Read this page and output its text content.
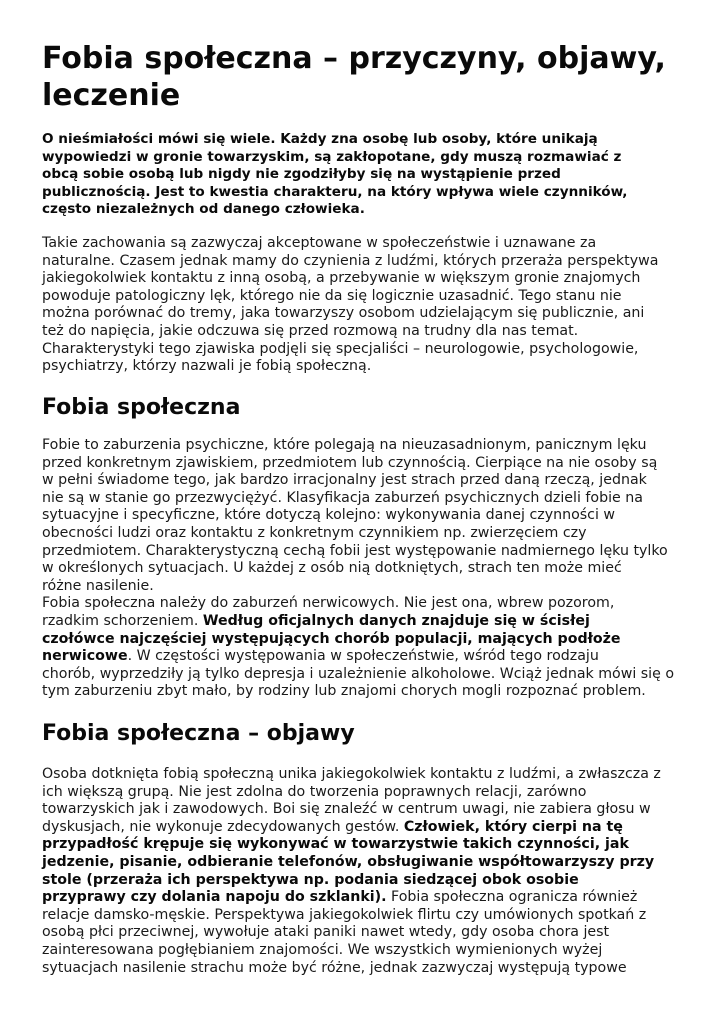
Fobia społeczna – przyczyny, objawy, leczenie

O nieśmiałości mówi się wiele. Każdy zna osobę lub osoby, które unikają
wypowiedzi w gronie towarzyskim, są zakłopotane, gdy muszą rozmawiać z
obcą sobie osobą lub nigdy nie zgodziłyby się na wystąpienie przed
publicznością. Jest to kwestia charakteru, na który wpływa wiele czynników,
często niezależnych od danego człowieka.

Takie zachowania są zazwyczaj akceptowane w społeczeństwie i uznawane za
naturalne. Czasem jednak mamy do czynienia z ludźmi, których przeraża perspektywa
jakiegokolwiek kontaktu z inną osobą, a przebywanie w większym gronie znajomych
powoduje patologiczny lęk, którego nie da się logicznie uzasadnić. Tego stanu nie
można porównać do tremy, jaka towarzyszy osobom udzielającym się publicznie, ani
też do napięcia, jakie odczuwa się przed rozmową na trudny dla nas temat.
Charakterystyki tego zjawiska podjęli się specjaliści – neurologowie, psychologowie,
psychiatrzy, którzy nazwali je fobią społeczną.

Fobia społeczna

Fobie to zaburzenia psychiczne, które polegają na nieuzasadnionym, panicznym lęku
przed konkretnym zjawiskiem, przedmiotem lub czynnością. Cierpiące na nie osoby są
w pełni świadome tego, jak bardzo irracjonalny jest strach przed daną rzeczą, jednak
nie są w stanie go przezwyciężyć. Klasyfikacja zaburzeń psychicznych dzieli fobie na
sytuacyjne i specyficzne, które dotyczą kolejno: wykonywania danej czynności w
obecności ludzi oraz kontaktu z konkretnym czynnikiem np. zwierzęciem czy
przedmiotem. Charakterystyczną cechą fobii jest występowanie nadmiernego lęku tylko
w określonych sytuacjach. U każdej z osób nią dotkniętych, strach ten może mieć
różne nasilenie.
Fobia społeczna należy do zaburzeń nerwicowych. Nie jest ona, wbrew pozorom,
rzadkim schorzeniem. Według oficjalnych danych znajduje się w ścisłej
czołówce najczęściej występujących chorób populacji, mających podłoże
nerwicowe. W częstości występowania w społeczeństwie, wśród tego rodzaju
chorób, wyprzedziły ją tylko depresja i uzależnienie alkoholowe. Wciąż jednak mówi się o
tym zaburzeniu zbyt mało, by rodziny lub znajomi chorych mogli rozpoznać problem.

Fobia społeczna – objawy

Osoba dotknięta fobią społeczną unika jakiegokolwiek kontaktu z ludźmi, a zwłaszcza z
ich większą grupą. Nie jest zdolna do tworzenia poprawnych relacji, zarówno
towarzyskich jak i zawodowych. Boi się znaleźć w centrum uwagi, nie zabiera głosu w
dyskusjach, nie wykonuje zdecydowanych gestów. Człowiek, który cierpi na tę
przypadłość krępuje się wykonywać w towarzystwie takich czynności, jak
jedzenie, pisanie, odbieranie telefonów, obsługiwanie współtowarzyszy przy
stole (przeraża ich perspektywa np. podania siedzącej obok osobie
przyprawy czy dolania napoju do szklanki). Fobia społeczna ogranicza również
relacje damsko-męskie. Perspektywa jakiegokolwiek flirtu czy umówionych spotkań z
osobą płci przeciwnej, wywołuje ataki paniki nawet wtedy, gdy osoba chora jest
zainteresowana pogłębianiem znajomości. We wszystkich wymienionych wyżej
sytuacjach nasilenie strachu może być różne, jednak zazwyczaj występują typowe
